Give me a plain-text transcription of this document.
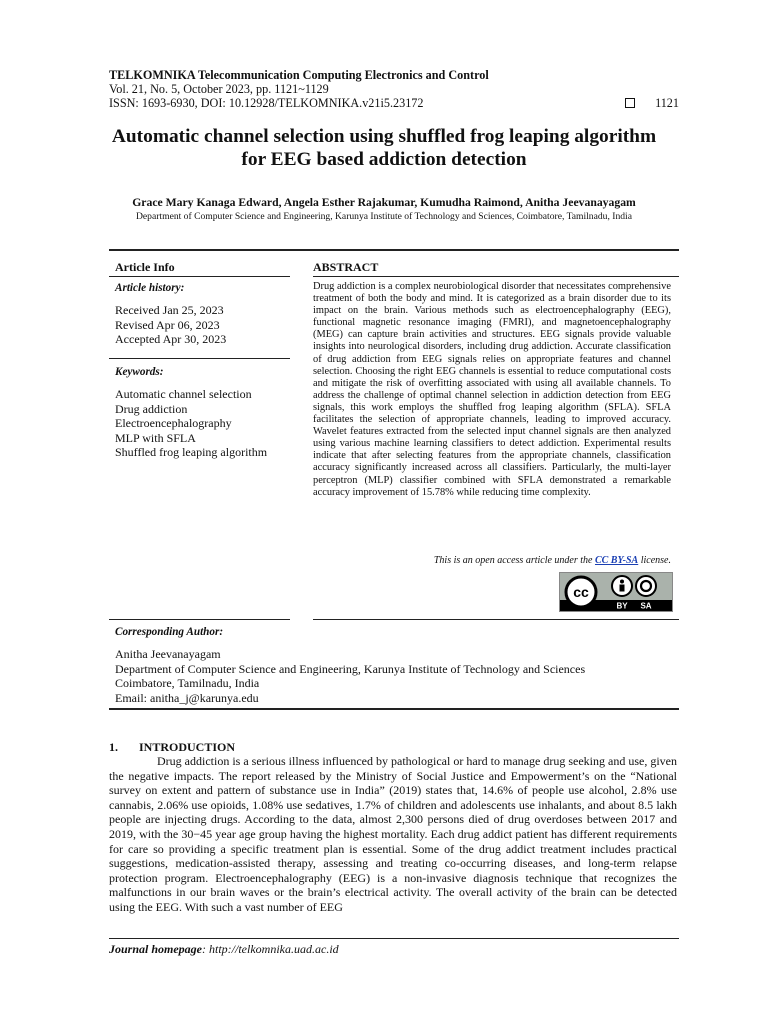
TELKOMNIKA Telecommunication Computing Electronics and Control
Vol. 21, No. 5, October 2023, pp. 1121~1129
ISSN: 1693-6930, DOI: 10.12928/TELKOMNIKA.v21i5.23172	1121
Automatic channel selection using shuffled frog leaping algorithm for EEG based addiction detection
Grace Mary Kanaga Edward, Angela Esther Rajakumar, Kumudha Raimond, Anitha Jeevanayagam
Department of Computer Science and Engineering, Karunya Institute of Technology and Sciences, Coimbatore, Tamilnadu, India
Article Info
Article history:
Received Jan 25, 2023
Revised Apr 06, 2023
Accepted Apr 30, 2023
Keywords:
Automatic channel selection
Drug addiction
Electroencephalography
MLP with SFLA
Shuffled frog leaping algorithm
ABSTRACT
Drug addiction is a complex neurobiological disorder that necessitates comprehensive treatment of both the body and mind. It is categorized as a brain disorder due to its impact on the brain. Various methods such as electroencephalography (EEG), functional magnetic resonance imaging (FMRI), and magnetoencephalography (MEG) can capture brain activities and structures. EEG signals provide valuable insights into neurological disorders, including drug addiction. Accurate classification of drug addiction from EEG signals relies on appropriate features and channel selection. Choosing the right EEG channels is essential to reduce computational costs and mitigate the risk of overfitting associated with using all available channels. To address the challenge of optimal channel selection in addiction detection from EEG signals, this work employs the shuffled frog leaping algorithm (SFLA). SFLA facilitates the selection of appropriate channels, leading to improved accuracy. Wavelet features extracted from the selected input channel signals are then analyzed using various machine learning classifiers to detect addiction. Experimental results indicate that after selecting features from the appropriate channels, classification accuracy significantly increased across all classifiers. Particularly, the multi-layer perceptron (MLP) classifier combined with SFLA demonstrated a remarkable accuracy improvement of 15.78% while reducing time complexity.
This is an open access article under the CC BY-SA license.
cc
BY SA
Corresponding Author:
Anitha Jeevanayagam
Department of Computer Science and Engineering, Karunya Institute of Technology and Sciences
Coimbatore, Tamilnadu, India
Email: anitha_j@karunya.edu
1.       INTRODUCTION

Drug addiction is a serious illness influenced by pathological or hard to manage drug seeking and use, given the negative impacts. The report released by the Ministry of Social Justice and Empowerment’s on the “National survey on extent and pattern of substance use in India” (2019) states that, 14.6% of people use alcohol, 2.8% use cannabis, 2.06% use opioids, 1.08% use sedatives, 1.7% of children and adolescents use inhalants, and about 8.5 lakh people are injecting drugs. According to the data, almost 2,300 persons died of drug overdoses between 2017 and 2019, with the 30−45 year age group having the highest mortality. Each drug addict patient has different requirements for care so providing a specific treatment plan is essential. Some of the drug addict treatment includes practical suggestions, medication-assisted therapy, assessing and treating co-occurring diseases, and long-term relapse protection program. Electroencephalography (EEG) is a non-invasive diagnosis technique that recognizes the malfunctions in our brain waves or the brain’s electrical activity. The overall activity of the brain can be detected using the EEG. With such a vast number of EEG

Journal homepage: http://telkomnika.uad.ac.id
